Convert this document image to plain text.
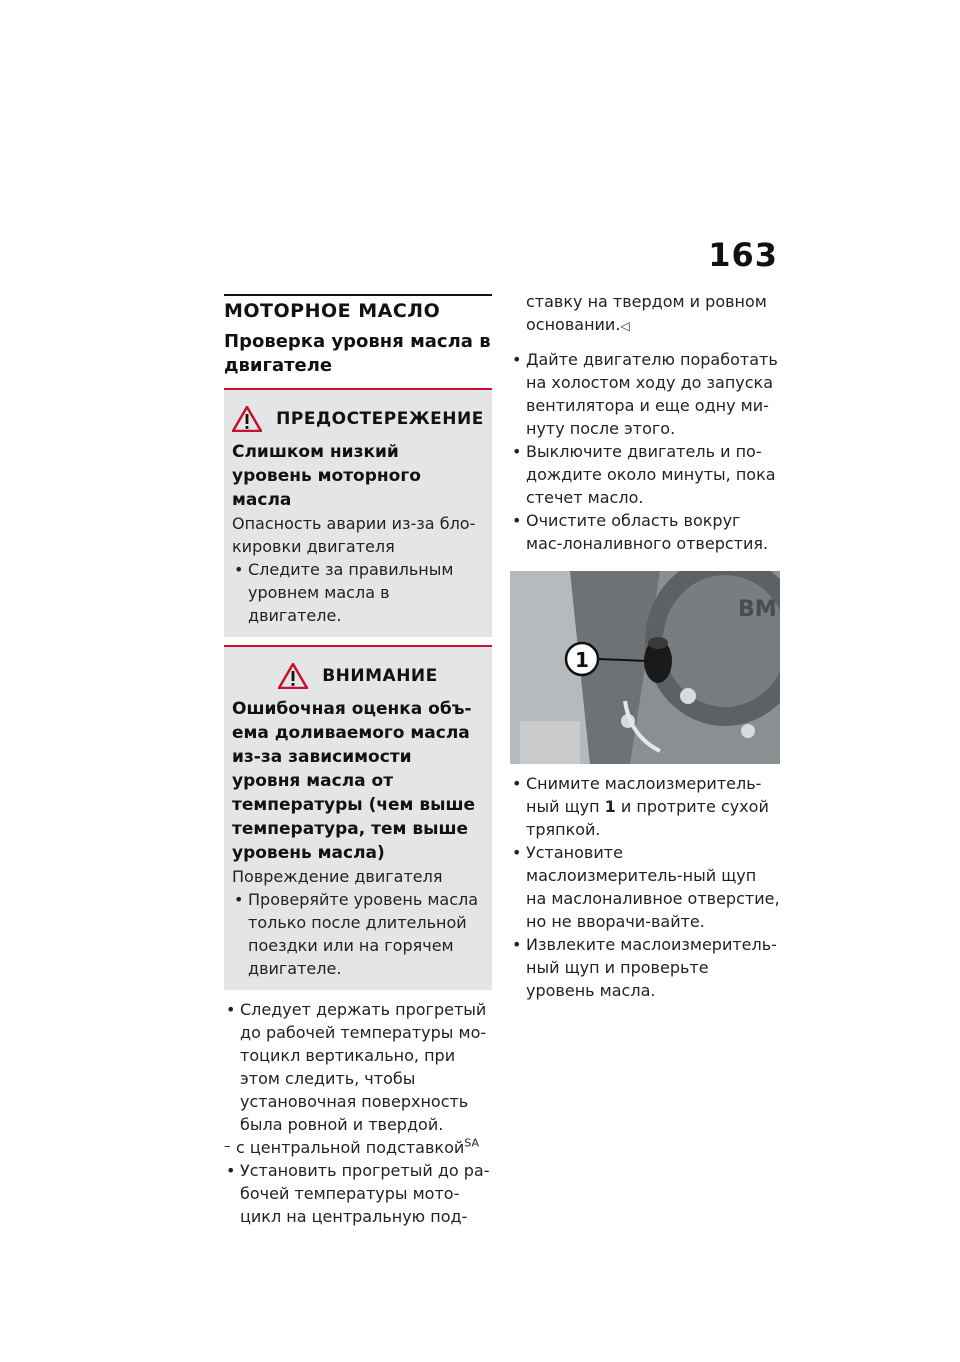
163
МОТОРНОЕ МАСЛО
Проверка уровня масла в двигателе
ПРЕДОСТЕРЕЖЕНИЕ
Слишком низкий уровень моторного масла
Опасность аварии из-за бло-кировки двигателя
• Следите за правильным уровнем масла в двигателе.
ВНИМАНИЕ
Ошибочная оценка объ-ема доливаемого масла из-за зависимости уровня масла от температуры (чем выше температура, тем выше уровень масла)
Повреждение двигателя
• Проверяйте уровень масла только после длительной поездки или на горячем двигателе.
• Следует держать прогретый до рабочей температуры мо-тоцикл вертикально, при этом следить, чтобы установочная поверхность была ровной и твердой.
– с центральной подставкой$^{SA}$
• Установить прогретый до ра-бочей температуры мото-цикл на центральную под-
ставку на твердом и ровном основании.◁
• Дайте двигателю поработать на холостом ходу до запуска вентилятора и еще одну ми-нуту после этого.
• Выключите двигатель и по-дождите около минуты, пока стечет масло.
• Очистите область вокруг мас-лоналивного отверстия.
BM
1
• Снимите маслоизмеритель-ный щуп 1 и протрите сухой тряпкой.
• Установите маслоизмеритель-ный щуп на маслоналивное отверстие, но не вворачи-вайте.
• Извлеките маслоизмеритель-ный щуп и проверьте уровень масла.
